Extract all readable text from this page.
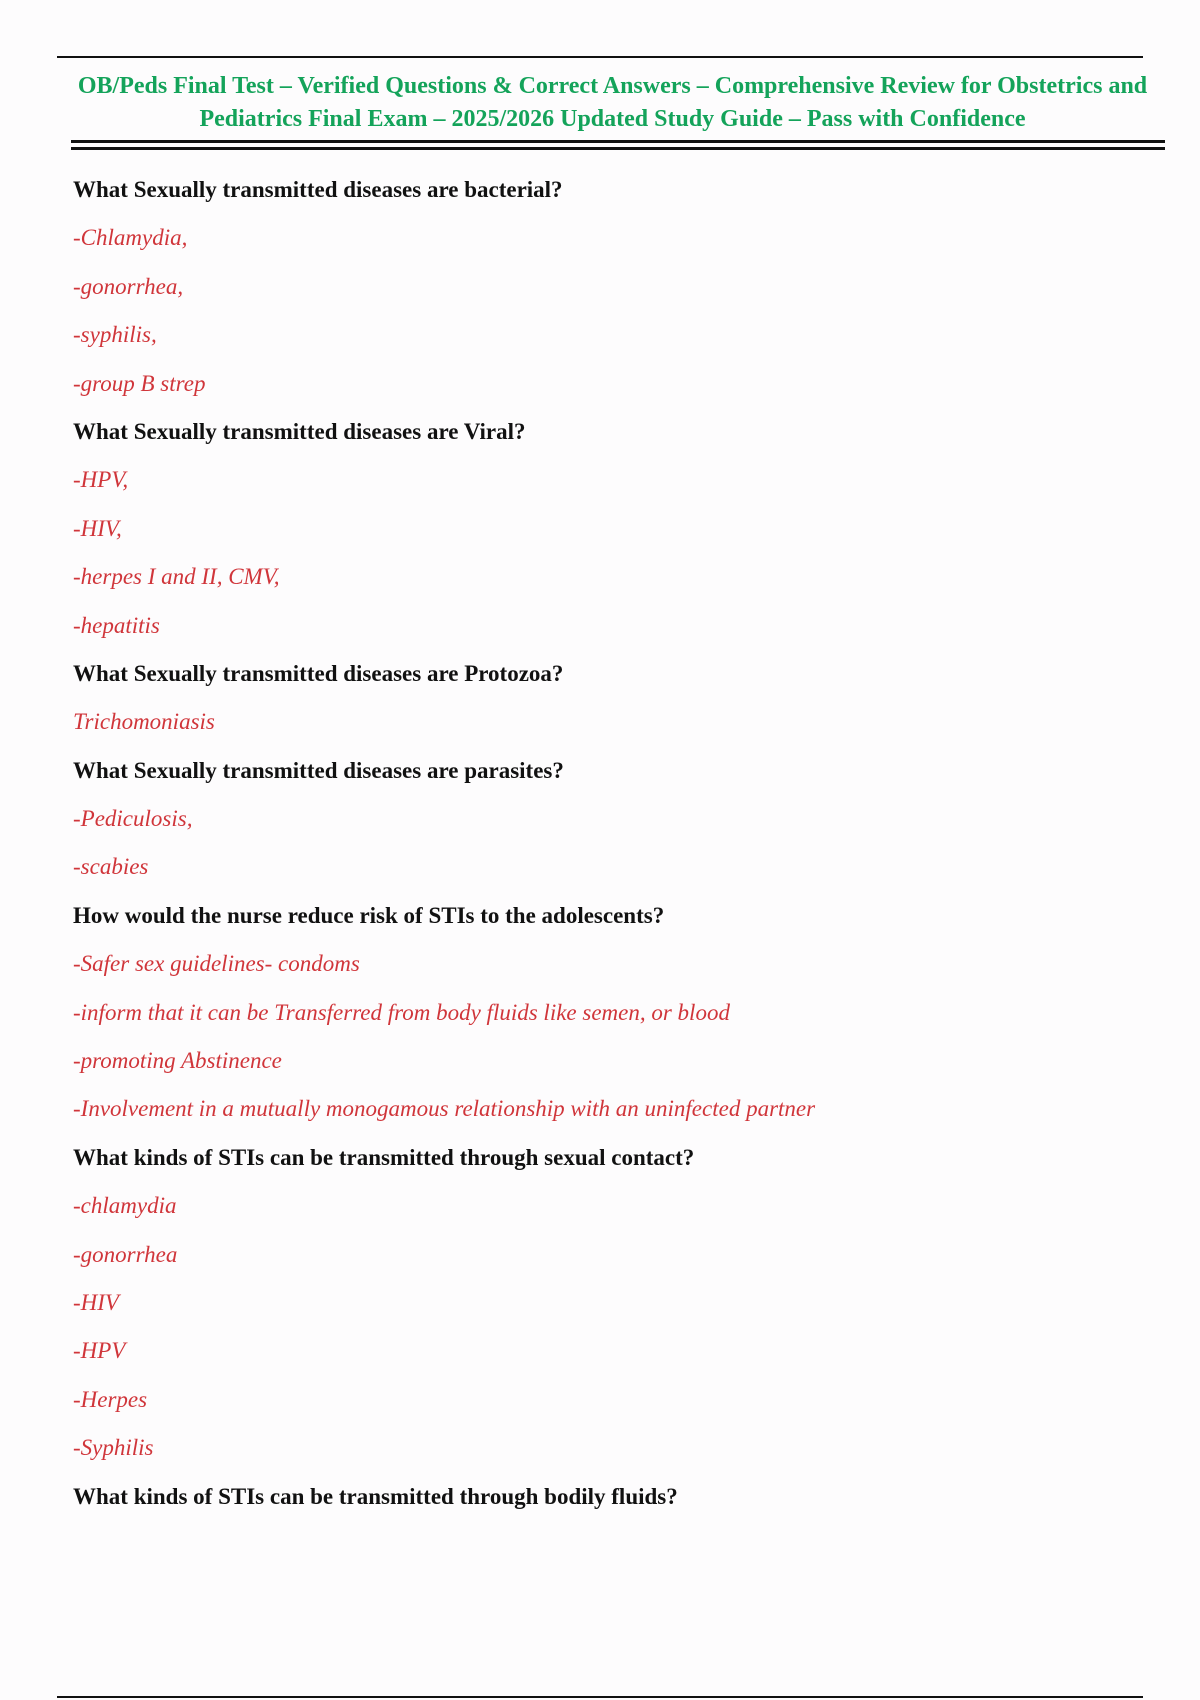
OB/Peds Final Test – Verified Questions & Correct Answers – Comprehensive Review for Obstetrics and
Pediatrics Final Exam – 2025/2026 Updated Study Guide – Pass with Confidence
What Sexually transmitted diseases are bacterial?
-Chlamydia,
-gonorrhea,
-syphilis,
-group B strep
What Sexually transmitted diseases are Viral?
-HPV,
-HIV,
-herpes I and II, CMV,
-hepatitis
What Sexually transmitted diseases are Protozoa?
Trichomoniasis
What Sexually transmitted diseases are parasites?
-Pediculosis,
-scabies
How would the nurse reduce risk of STIs to the adolescents?
-Safer sex guidelines- condoms
-inform that it can be Transferred from body fluids like semen, or blood
-promoting Abstinence
-Involvement in a mutually monogamous relationship with an uninfected partner
What kinds of STIs can be transmitted through sexual contact?
-chlamydia
-gonorrhea
-HIV
-HPV
-Herpes
-Syphilis
What kinds of STIs can be transmitted through bodily fluids?
